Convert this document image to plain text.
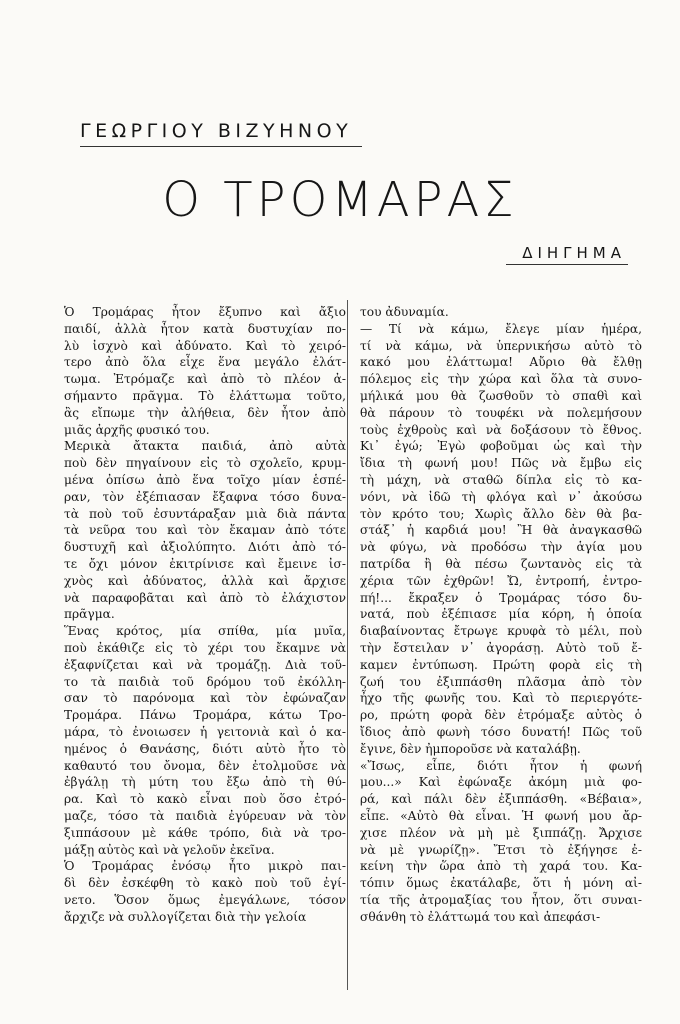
ΓΕΩΡΓΙΟΥ ΒΙΖΥΗΝΟΥ
Ο ΤΡΟΜΑΡΑΣ
ΔΙΗΓΗΜΑ
Ὁ Τρομάρας ἦτον ἔξυπνο καὶ ἄξιο
παιδί, ἀλλὰ ἦτον κατὰ δυστυχίαν πο-
λὺ ἰσχνὸ καὶ ἀδύνατο. Καὶ τὸ χειρό-
τερο ἀπὸ ὅλα εἶχε ἕνα μεγάλο ἐλάτ-
τωμα. Ἐτρόμαζε καὶ ἀπὸ τὸ πλέον ἀ-
σήμαντο πρᾶγμα. Τὸ ἐλάττωμα τοῦτο,
ἂς εἴπωμε τὴν ἀλήθεια, δὲν ἦτον ἀπὸ
μιᾶς ἀρχῆς φυσικό του.
Μερικὰ ἄτακτα παιδιά, ἀπὸ αὐτὰ
ποὺ δὲν πηγαίνουν εἰς τὸ σχολεῖο, κρυμ-
μένα ὀπίσω ἀπὸ ἕνα τοῖχο μίαν ἑσπέ-
ραν, τὸν ἐξέπιασαν ἔξαφνα τόσο δυνα-
τὰ ποὺ τοῦ ἐσυντάραξαν μιὰ διὰ πάντα
τὰ νεῦρα του καὶ τὸν ἔκαμαν ἀπὸ τότε
δυστυχῆ καὶ ἀξιολύπητο. Διότι ἀπὸ τό-
τε ὄχι μόνον ἐκιτρίνισε καὶ ἔμεινε ἰσ-
χνὸς καὶ ἀδύνατος, ἀλλὰ καὶ ἄρχισε
νὰ παραφοβᾶται καὶ ἀπὸ τὸ ἐλάχιστον
πρᾶγμα.
Ἕνας κρότος, μία σπίθα, μία μυῖα,
ποὺ ἐκάθιζε εἰς τὸ χέρι του ἔκαμνε νὰ
ἐξαφνίζεται καὶ νὰ τρομάζῃ. Διὰ τοῦ-
το τὰ παιδιὰ τοῦ δρόμου τοῦ ἐκόλλη-
σαν τὸ παρόνομα καὶ τὸν ἐφώναζαν
Τρομάρα. Πάνω Τρομάρα, κάτω Τρο-
μάρα, τὸ ἐνοιωσεν ἡ γειτονιὰ καὶ ὁ κα-
ημένος ὁ Θανάσης, διότι αὐτὸ ἦτο τὸ
καθαυτό του ὄνομα, δὲν ἐτολμοῦσε νὰ
ἐβγάλῃ τὴ μύτη του ἔξω ἀπὸ τὴ θύ-
ρα. Καὶ τὸ κακὸ εἶναι ποὺ ὅσο ἐτρό-
μαζε, τόσο τὰ παιδιὰ ἐγύρευαν νὰ τὸν
ξιππάσουν μὲ κάθε τρόπο, διὰ νὰ τρο-
μάξῃ αὐτὸς καὶ νὰ γελοῦν ἐκεῖνα.
Ὁ Τρομάρας ἐνόσῳ ἦτο μικρὸ παι-
δὶ δὲν ἐσκέφθη τὸ κακὸ ποὺ τοῦ ἐγί-
νετο. Ὅσον ὅμως ἐμεγάλωνε, τόσον
ἄρχιζε νὰ συλλογίζεται διὰ τὴν γελοία
του ἀδυναμία.
— Τί νὰ κάμω, ἔλεγε μίαν ἡμέρα,
τί νὰ κάμω, νὰ ὑπερνικήσω αὐτὸ τὸ
κακό μου ἐλάττωμα! Αὔριο θὰ ἔλθῃ
πόλεμος εἰς τὴν χώρα καὶ ὅλα τὰ συνο-
μήλικά μου θὰ ζωσθοῦν τὸ σπαθὶ καὶ
θὰ πάρουν τὸ τουφέκι νὰ πολεμήσουν
τοὺς ἐχθροὺς καὶ νὰ δοξάσουν τὸ ἔθνος.
Κι᾿ ἐγώ; Ἐγὼ φοβοῦμαι ὡς καὶ τὴν
ἴδια τὴ φωνή μου! Πῶς νὰ ἔμβω εἰς
τὴ μάχη, νὰ σταθῶ δίπλα εἰς τὸ κα-
νόνι, νὰ ἰδῶ τὴ φλόγα καὶ ν᾿ ἀκούσω
τὸν κρότο του; Χωρὶς ἄλλο δὲν θὰ βα-
στάξ᾿ ἡ καρδιά μου! Ἢ θὰ ἀναγκασθῶ
νὰ φύγω, νὰ προδόσω τὴν ἁγία μου
πατρίδα ἢ θὰ πέσω ζωντανὸς εἰς τὰ
χέρια τῶν ἐχθρῶν! Ὤ, ἐντροπή, ἐντρο-
πή!... ἔκραξεν ὁ Τρομάρας τόσο δυ-
νατά, ποὺ ἐξέπιασε μία κόρη, ἡ ὁποία
διαβαίνοντας ἔτρωγε κρυφὰ τὸ μέλι, ποὺ
τὴν ἔστειλαν ν᾿ ἀγοράσῃ. Αὐτὸ τοῦ ἔ-
καμεν ἐντύπωση. Πρώτη φορὰ εἰς τὴ
ζωή του ἐξιππάσθη πλᾶσμα ἀπὸ τὸν
ἦχο τῆς φωνῆς του. Καὶ τὸ περιεργότε-
ρο, πρώτη φορὰ δὲν ἐτρόμαξε αὐτὸς ὁ
ἴδιος ἀπὸ φωνὴ τόσο δυνατή! Πῶς τοῦ
ἔγινε, δὲν ἠμποροῦσε νὰ καταλάβῃ.
«Ἴσως, εἶπε, διότι ἦτον ἡ φωνή
μου...» Καὶ ἐφώναξε ἀκόμη μιὰ φο-
ρά, καὶ πάλι δὲν ἐξιππάσθη. «Βέβαια»,
εἶπε. «Αὐτὸ θὰ εἶναι. Ἡ φωνή μου ἄρ-
χισε πλέον νὰ μὴ μὲ ξιππάζῃ. Ἄρχισε
νὰ μὲ γνωρίζῃ». Ἔτσι τὸ ἐξήγησε ἐ-
κείνη τὴν ὥρα ἀπὸ τὴ χαρά του. Κα-
τόπιν ὅμως ἐκατάλαβε, ὅτι ἡ μόνη αἰ-
τία τῆς ἀτρομαξίας του ἦτον, ὅτι συναι-
σθάνθη τὸ ἐλάττωμά του καὶ ἀπεφάσι-
